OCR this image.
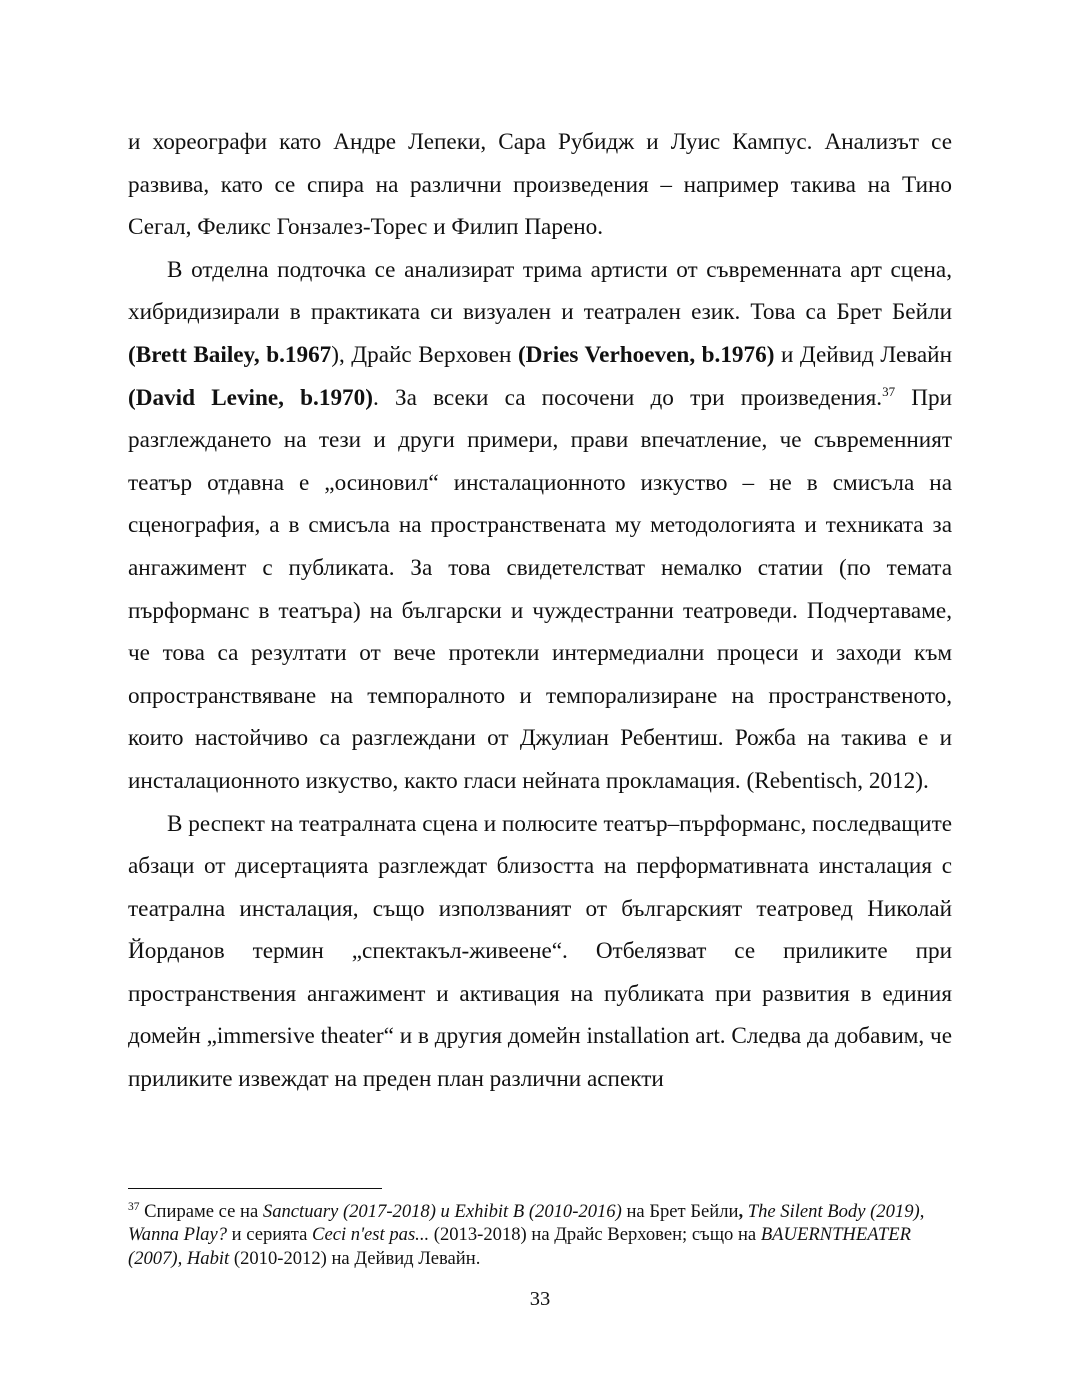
и хореографи като Андре Лепеки, Сара Рубидж и Луис Кампус. Анализът се развива, като се спира на различни произведения – например такива на Тино Сегал, Феликс Гонзалез-Торес и Филип Парено.

В отделна подточка се анализират трима артисти от съвременната арт сцена, хибридизирали в практиката си визуален и театрален език. Това са Брет Бейли (Brett Bailey, b.1967), Драйс Верховен (Dries Verhoeven, b.1976) и Дейвид Левайн (David Levine, b.1970). За всеки са посочени до три произведения.$^{37}$ При разглеждането на тези и други примери, прави впечатление, че съвременният театър отдавна е „осиновил“ инсталационното изкуство – не в смисъла на сценография, а в смисъла на пространствената му методологията и техниката за ангажимент с публиката. За това свидетелстват немалко статии (по темата пърформанс в театъра) на български и чуждестранни театроведи. Подчертаваме, че това са резултати от вече протекли интермедиални процеси и заходи към опространствяване на темпоралното и темпорализиране на пространственото, които настойчиво са разглеждани от Джулиан Ребентиш. Рожба на такива е и инсталационното изкуство, както гласи нейната прокламация. (Rebentisch, 2012).

В респект на театралната сцена и полюсите театър–пърформанс, последващите абзаци от дисертацията разглеждат близостта на перформативната инсталация с театрална инсталация, също използваният от българският театровед Николай Йорданов термин „спектакъл-живеене“. Отбелязват се приликите при пространствения ангажимент и активация на публиката при развития в единия домейн „immersive theater“ и в другия домейн installation art. Следва да добавим, че приликите извеждат на преден план различни аспекти

$^{37}$ Спираме се на Sanctuary (2017-2018) и Exhibit B (2010-2016) на Брет Бейли, The Silent Body (2019), Wanna Play? и серията Ceci n'est pas... (2013-2018) на Драйс Верховен; също на BAUERNTHEATER (2007), Habit (2010-2012) на Дейвид Левайн.

33
